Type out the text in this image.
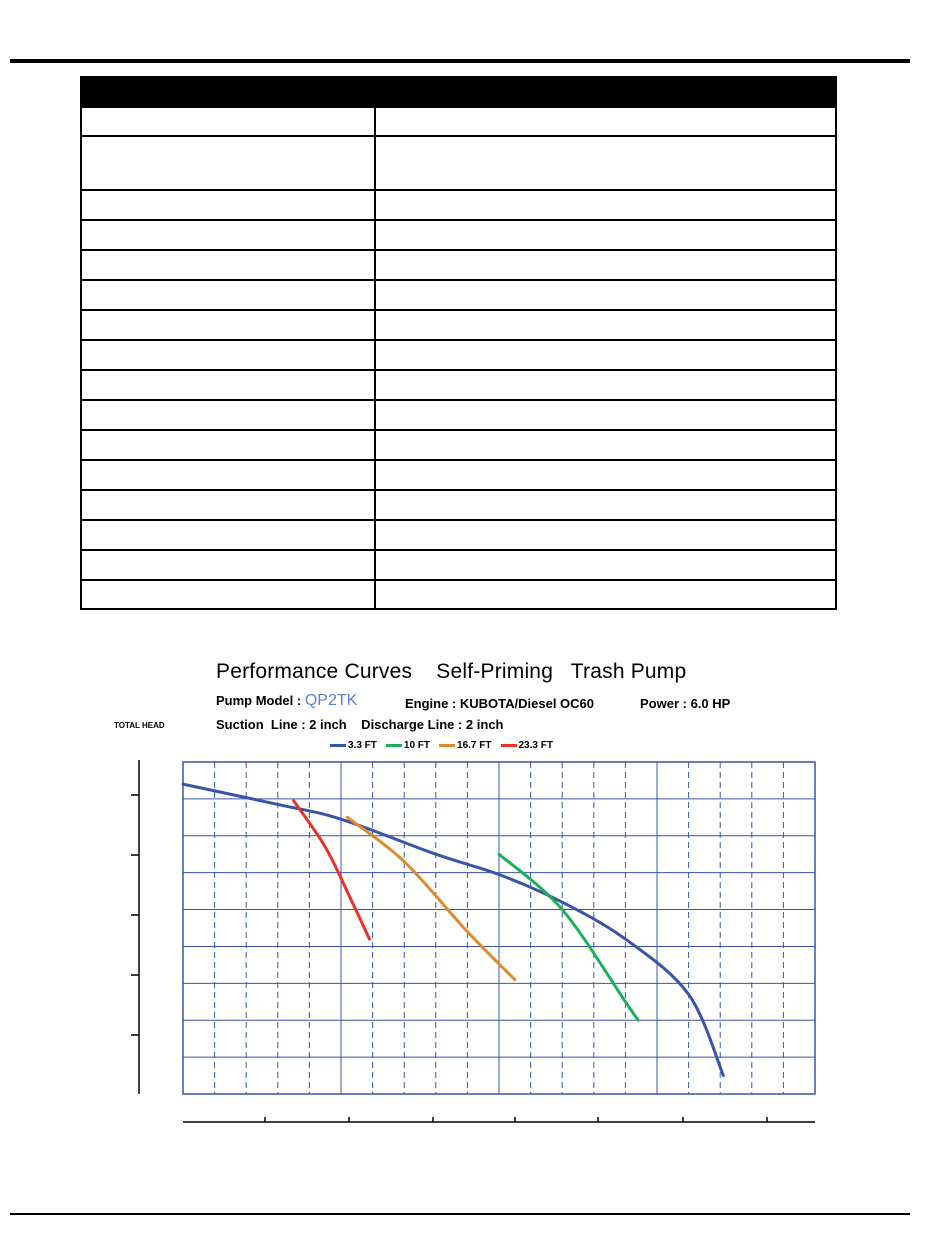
Performance Curves    Self-Priming   Trash Pump
Pump Model : QP2TK	Engine : KUBOTA/Diesel OC60	Power : 6.0 HP
Suction  Line : 2 inch    Discharge Line : 2 inch
TOTAL HEAD
3.3 FT	10 FT	16.7 FT	23.3 FT
